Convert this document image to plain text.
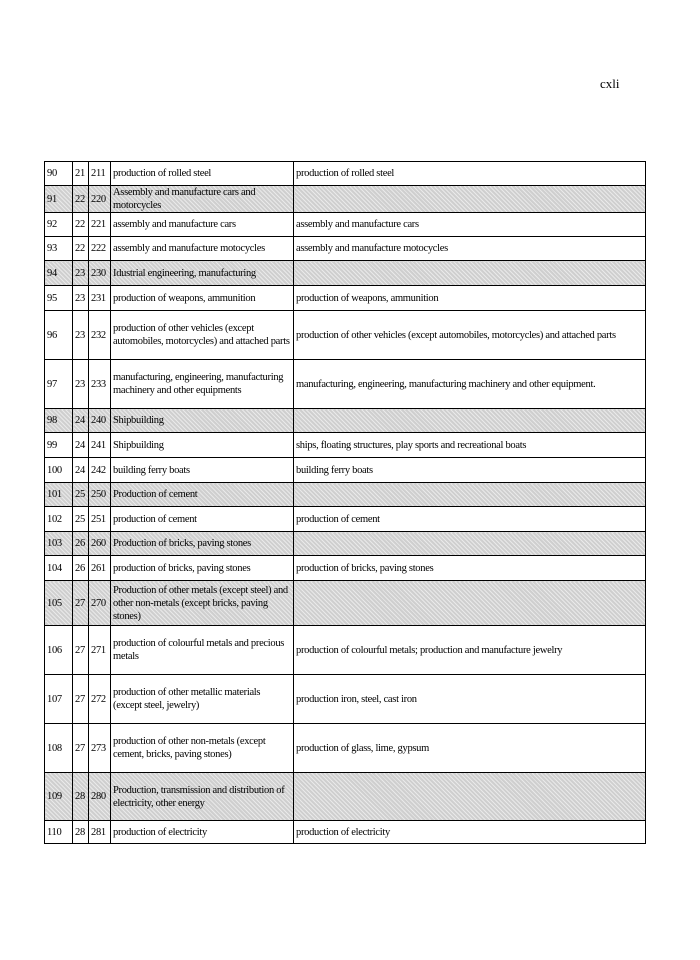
cxli
90	21	211	production of rolled steel	production of rolled steel
91	22	220	Assembly and manufacture cars and motorcycles	
92	22	221	assembly and manufacture cars	assembly and manufacture cars
93	22	222	assembly and manufacture motocycles	assembly and manufacture motocycles
94	23	230	Idustrial engineering, manufacturing	
95	23	231	production of weapons, ammunition	production of weapons, ammunition
96	23	232	production of other vehicles (except automobiles, motorcycles) and attached parts	production of other vehicles (except automobiles, motorcycles) and attached parts
97	23	233	manufacturing, engineering, manufacturing machinery and other equipments	manufacturing, engineering, manufacturing machinery and other equipment.
98	24	240	Shipbuilding	
99	24	241	Shipbuilding	ships, floating structures, play sports and recreational boats
100	24	242	building ferry boats	building ferry boats
101	25	250	Production of cement	
102	25	251	production of cement	production of cement
103	26	260	Production of bricks, paving stones	
104	26	261	production of bricks, paving stones	production of bricks, paving stones
105	27	270	Production of other metals (except steel) and other non-metals (except bricks, paving stones)	
106	27	271	production of colourful metals and precious metals	production of colourful metals; production and manufacture jewelry
107	27	272	production of other metallic materials (except steel, jewelry)	production iron, steel, cast iron
108	27	273	production of other non-metals (except cement, bricks, paving stones)	production of glass, lime, gypsum
109	28	280	Production, transmission and distribution of electricity, other energy	
110	28	281	production of electricity	production of electricity
